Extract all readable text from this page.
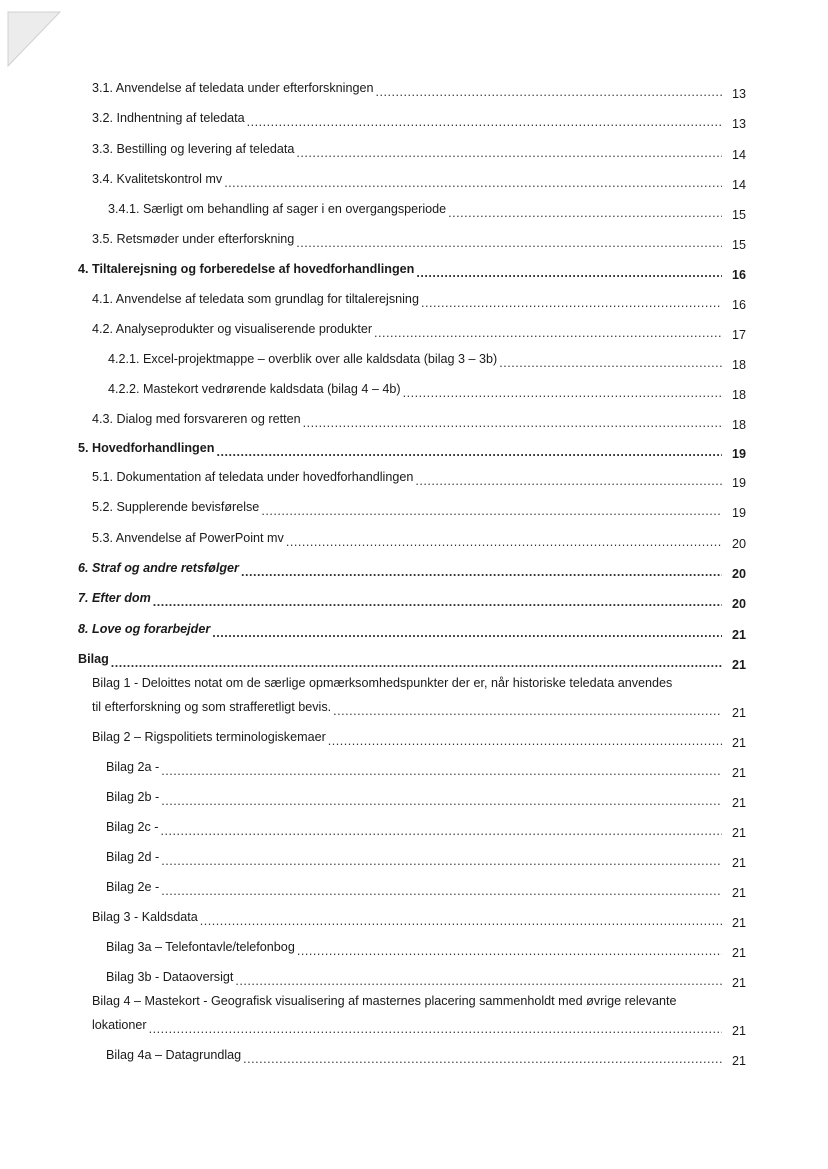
3.1. Anvendelse af teledata under efterforskningen .....	13
3.2. Indhentning af teledata .....	13
3.3. Bestilling og levering af teledata .....	14
3.4. Kvalitetskontrol mv .....	14
3.4.1. Særligt om behandling af sager i en overgangsperiode .....	15
3.5. Retsmøder under efterforskning .....	15
4. Tiltalerejsning og forberedelse af hovedforhandlingen .....	16
4.1. Anvendelse af teledata som grundlag for tiltalerejsning .....	16
4.2. Analyseprodukter og visualiserende produkter .....	17
4.2.1. Excel-projektmappe – overblik over alle kaldsdata (bilag 3 – 3b) .....	18
4.2.2. Mastekort vedrørende kaldsdata (bilag 4 – 4b) .....	18
4.3. Dialog med forsvareren og retten .....	18
5. Hovedforhandlingen .....	19
5.1. Dokumentation af teledata under hovedforhandlingen .....	19
5.2. Supplerende bevisførelse .....	19
5.3. Anvendelse af PowerPoint mv .....	20
6. Straf og andre retsfølger .....	20
7. Efter dom .....	20
8. Love og forarbejder .....	21
Bilag .....	21
Bilag 1 - Deloittes notat om de særlige opmærksomhedspunkter der er, når historiske teledata anvendes
til efterforskning og som strafferetligt bevis. .....	21
Bilag 2 – Rigspolitiets terminologiskemaer .....	21
Bilag 2a - .....	21
Bilag 2b - .....	21
Bilag 2c - .....	21
Bilag 2d - .....	21
Bilag 2e - .....	21
Bilag 3 - Kaldsdata .....	21
Bilag 3a – Telefontavle/telefonbog .....	21
Bilag 3b - Dataoversigt .....	21
Bilag 4 – Mastekort - Geografisk visualisering af masternes placering sammenholdt med øvrige relevante
lokationer .....	21
Bilag 4a – Datagrundlag .....	21
